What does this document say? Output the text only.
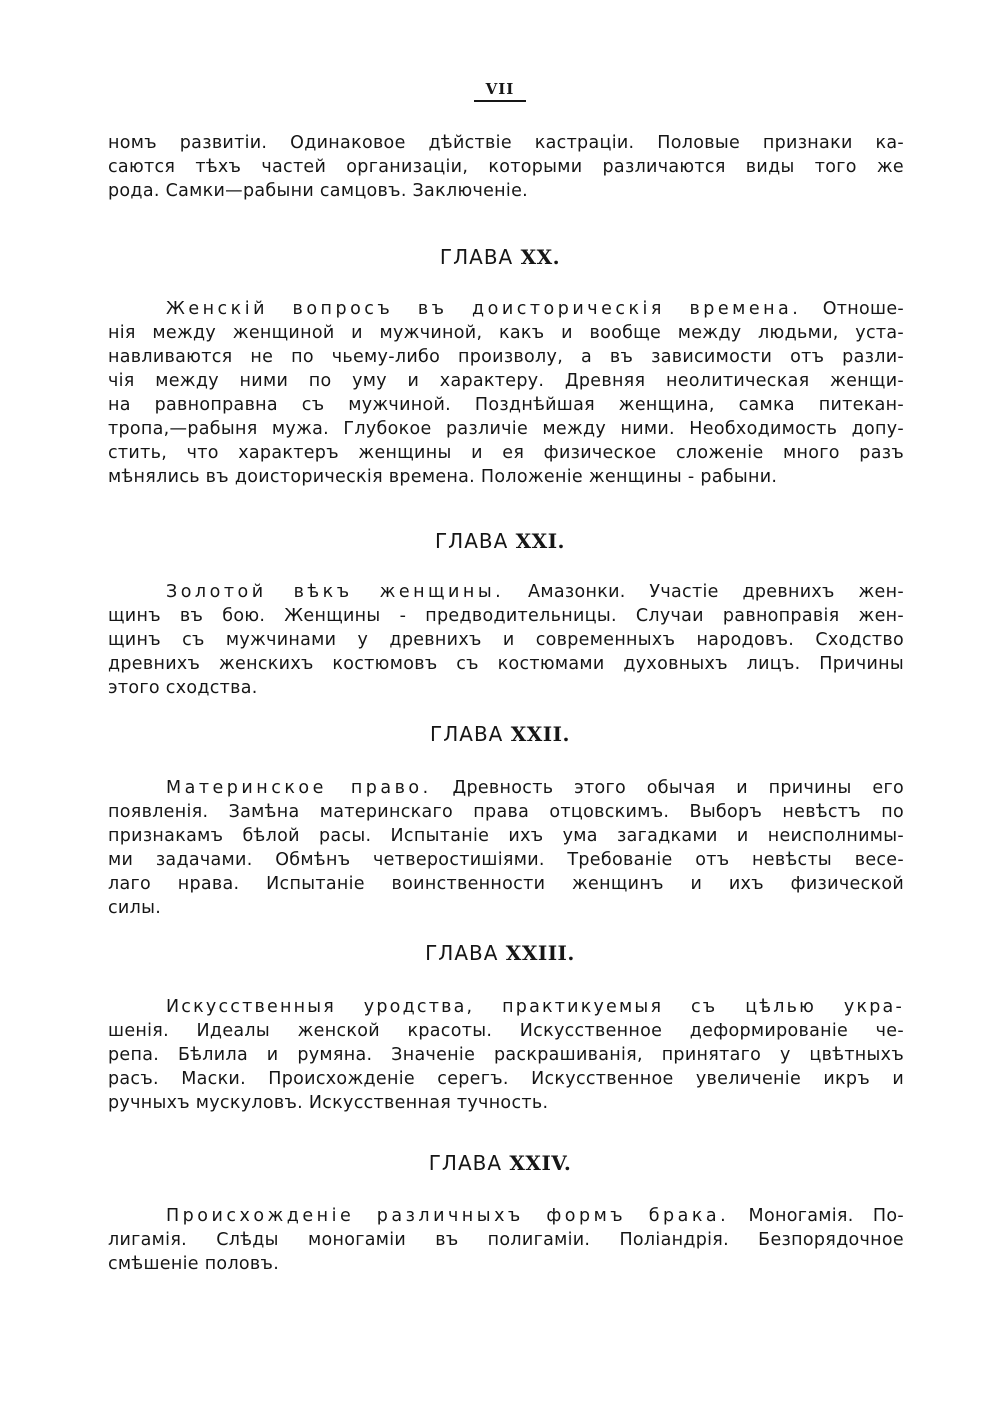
VII

номъ развитіи. Одинаковое дѣйствіе кастраціи. Половые признаки ка-
саются тѣхъ частей организаціи, которыми различаются виды того же
рода. Самки—рабыни самцовъ. Заключеніе.

ГЛАВА XX.

Женскій вопросъ въ доисторическія времена. Отноше-

нія между женщиной и мужчиной, какъ и вообще между людьми, уста-
навливаются не по чьему-либо произволу, а въ зависимости отъ разли-
чія между ними по уму и характеру. Древняя неолитическая женщи-
на равноправна съ мужчиной. Позднѣйшая женщина, самка питекан-
тропа,—рабыня мужа. Глубокое различіе между ними. Необходимость допу-
стить, что характеръ женщины и ея физическое сложеніе много разъ
мѣнялись въ доисторическія времена. Положеніе женщины - рабыни.
ГЛАВА XXI.

Золотой вѣкъ женщины. Амазонки. Участіе древнихъ жен-

щинъ въ бою. Женщины - предводительницы. Случаи равноправія жен-
щинъ съ мужчинами у древнихъ и современныхъ народовъ. Сходство
древнихъ женскихъ костюмовъ съ костюмами духовныхъ лицъ. Причины
этого сходства.
ГЛАВА XXII.

Материнское право. Древность этого обычая и причины его

появленія. Замѣна материнскаго права отцовскимъ. Выборъ невѣстъ по
признакамъ бѣлой расы. Испытаніе ихъ ума загадками и неисполнимы-
ми задачами. Обмѣнъ четверостишіями. Требованіе отъ невѣсты весе-
лаго нрава. Испытаніе воинственности женщинъ и ихъ физической
силы.
ГЛАВА XXIII.

Искусственныя уродства, практикуемыя съ цѣлью укра-

шенія. Идеалы женской красоты. Искусственное деформированіе че-
репа. Бѣлила и румяна. Значеніе раскрашиванія, принятаго у цвѣтныхъ
расъ. Маски. Происхожденіе серегъ. Искусственное увеличеніе икръ и
ручныхъ мускуловъ. Искусственная тучность.
ГЛАВА XXIV.

Происхожденіе различныхъ формъ брака. Моногамія. По-

лигамія. Слѣды моногаміи въ полигаміи. Поліандрія. Безпорядочное
смѣшеніе половъ.
